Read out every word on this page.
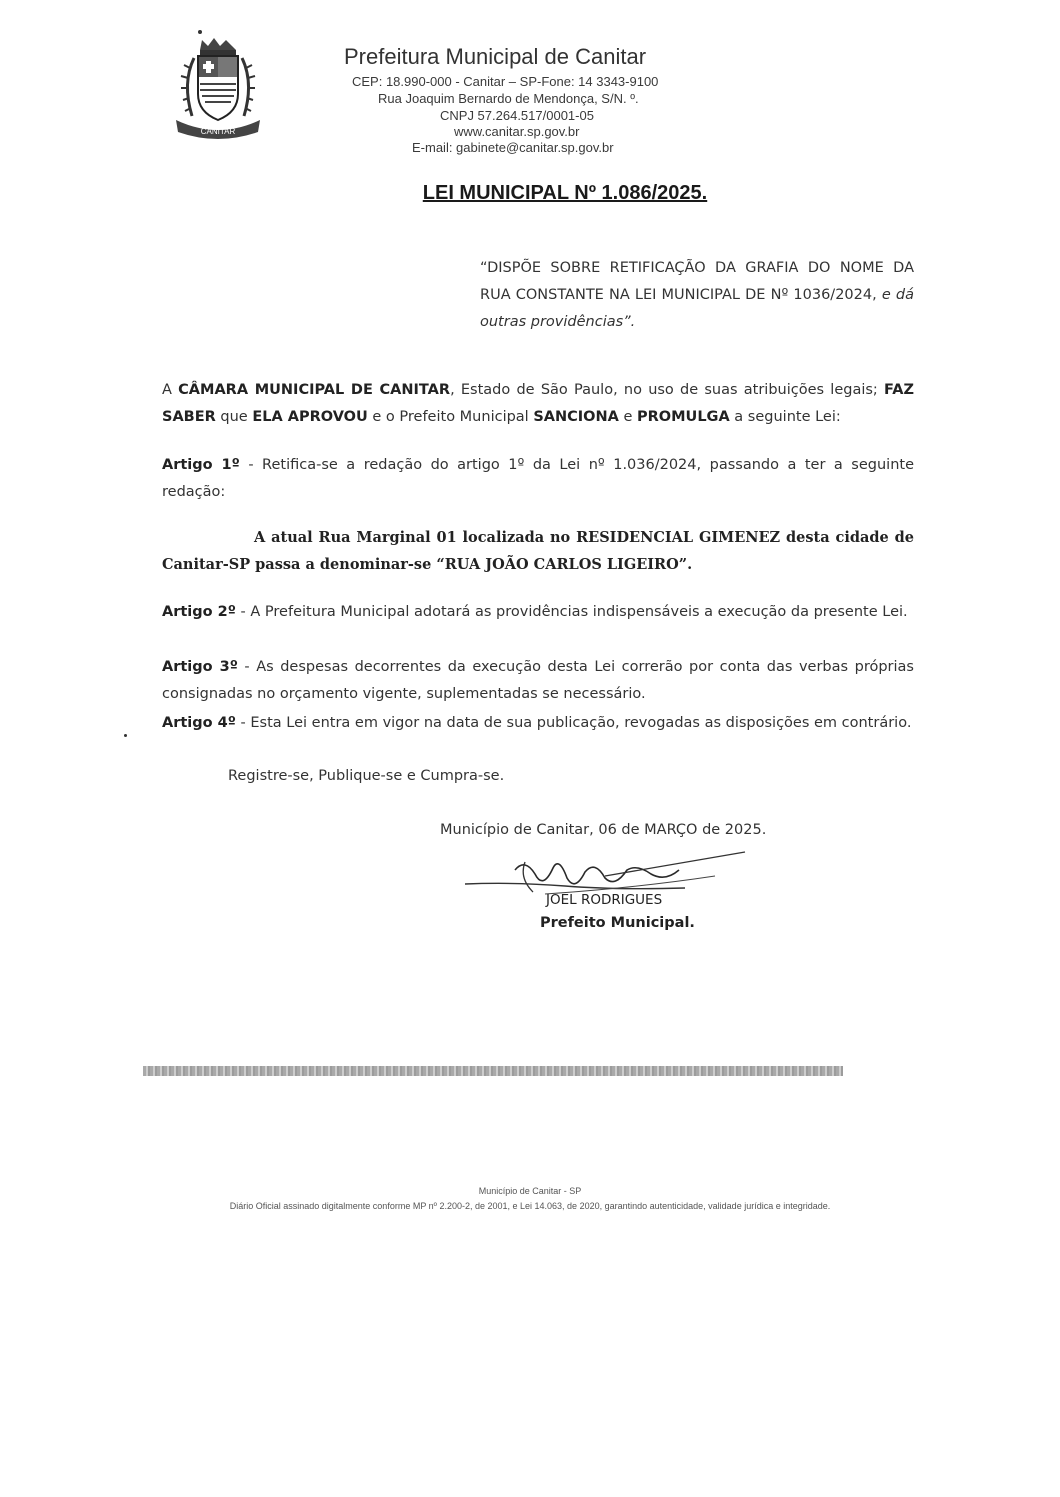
CANITAR
Prefeitura Municipal de Canitar
CEP: 18.990-000 - Canitar – SP-Fone: 14 3343-9100
Rua Joaquim Bernardo de Mendonça, S/N. º.
CNPJ 57.264.517/0001-05
www.canitar.sp.gov.br
E-mail: gabinete@canitar.sp.gov.br
LEI MUNICIPAL Nº 1.086/2025.
“DISPÕE SOBRE RETIFICAÇÃO DA GRAFIA DO NOME DA RUA CONSTANTE NA LEI MUNICIPAL DE Nº 1036/2024, e dá outras providências”.
A CÂMARA MUNICIPAL DE CANITAR, Estado de São Paulo, no uso de suas atribuições legais; FAZ SABER que ELA APROVOU e o Prefeito Municipal SANCIONA e PROMULGA a seguinte Lei:
Artigo 1º - Retifica-se a redação do artigo 1º da Lei nº 1.036/2024, passando a ter a seguinte redação:
A atual Rua Marginal 01 localizada no RESIDENCIAL GIMENEZ desta cidade de Canitar-SP passa a denominar-se “RUA JOÃO CARLOS LIGEIRO”.
Artigo 2º - A Prefeitura Municipal adotará as providências indispensáveis a execução da presente Lei.
Artigo 3º - As despesas decorrentes da execução desta Lei correrão por conta das verbas próprias consignadas no orçamento vigente, suplementadas se necessário.
Artigo 4º - Esta Lei entra em vigor na data de sua publicação, revogadas as disposições em contrário.
Registre-se, Publique-se e Cumpra-se.
Município de Canitar, 06 de MARÇO de 2025.
JOEL RODRIGUES
Prefeito Municipal.
Município de Canitar - SP
Diário Oficial assinado digitalmente conforme MP nº 2.200-2, de 2001, e Lei 14.063, de 2020, garantindo autenticidade, validade jurídica e integridade.
